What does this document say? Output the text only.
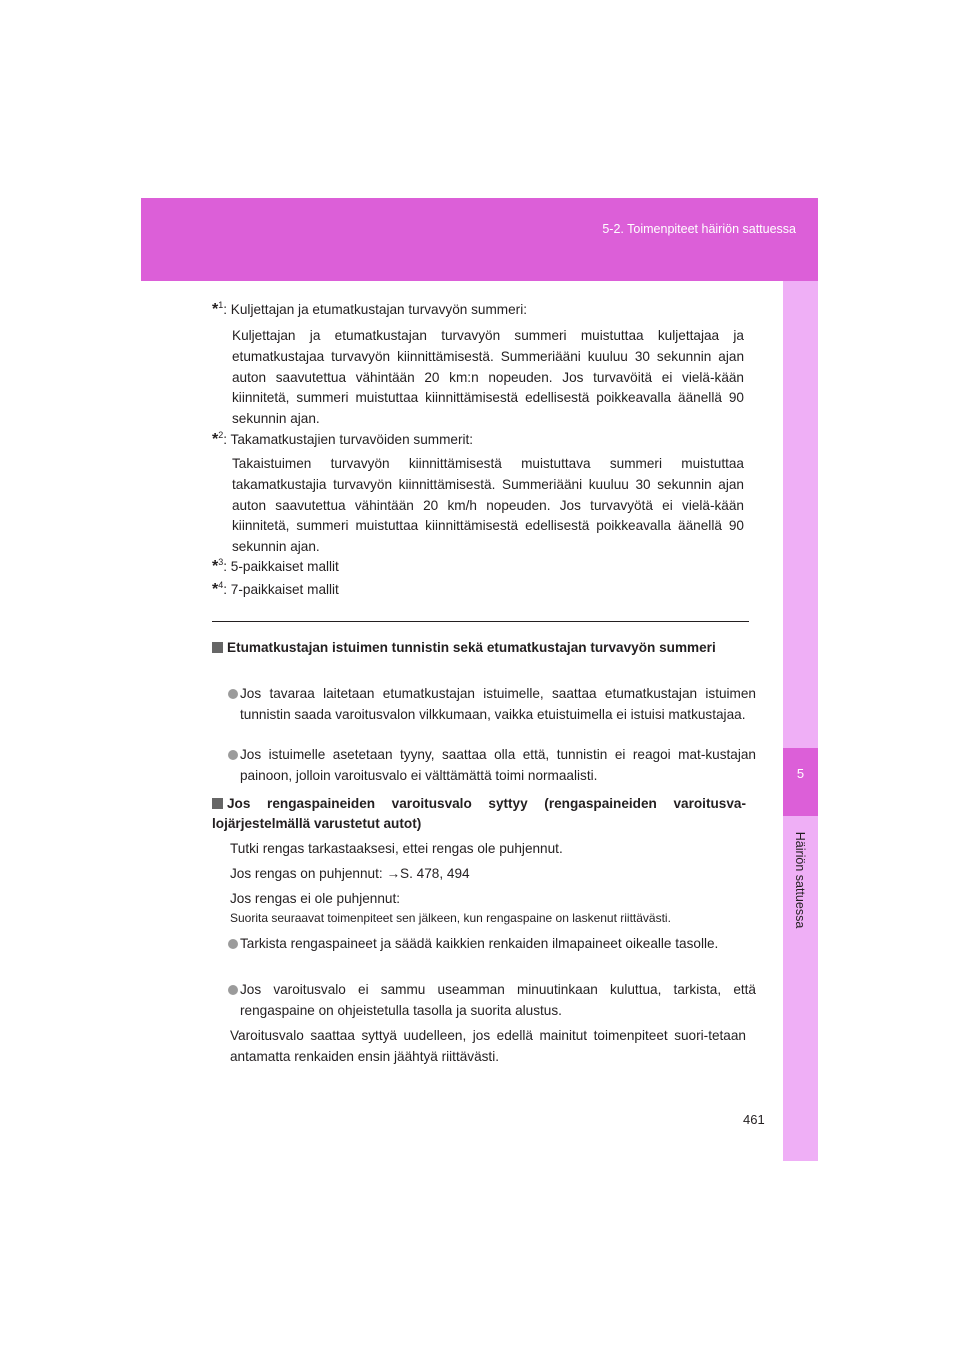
5-2. Toimenpiteet häiriön sattuessa
5
Häiriön sattuessa
*$^1$: Kuljettajan ja etumatkustajan turvavyön summeri:
Kuljettajan ja etumatkustajan turvavyön summeri muistuttaa kuljettajaa ja etumatkustajaa turvavyön kiinnittämisestä. Summeriääni kuuluu 30 sekunnin ajan auton saavutettua vähintään 20 km:n nopeuden. Jos turvavöitä ei vielä-kään kiinnitetä, summeri muistuttaa kiinnittämisestä edellisestä poikkeavalla äänellä 90 sekunnin ajan.
*$^2$: Takamatkustajien turvavöiden summerit:
Takaistuimen turvavyön kiinnittämisestä muistuttava summeri muistuttaa takamatkustajia turvavyön kiinnittämisestä. Summeriääni kuuluu 30 sekunnin ajan auton saavutettua vähintään 20 km/h nopeuden. Jos turvavyötä ei vielä-kään kiinnitetä, summeri muistuttaa kiinnittämisestä edellisestä poikkeavalla äänellä 90 sekunnin ajan.
*$^3$: 5-paikkaiset mallit
*$^4$: 7-paikkaiset mallit
Etumatkustajan istuimen tunnistin sekä etumatkustajan turvavyön summeri
Jos tavaraa laitetaan etumatkustajan istuimelle, saattaa etumatkustajan istuimen tunnistin saada varoitusvalon vilkkumaan, vaikka etuistuimella ei istuisi matkustajaa.
Jos istuimelle asetetaan tyyny, saattaa olla että, tunnistin ei reagoi mat-kustajan painoon, jolloin varoitusvalo ei välttämättä toimi normaalisti.
Jos rengaspaineiden varoitusvalo syttyy (rengaspaineiden varoitusva-lojärjestelmällä varustetut autot)
Tutki rengas tarkastaaksesi, ettei rengas ole puhjennut.
Jos rengas on puhjennut: →S. 478, 494
Jos rengas ei ole puhjennut:
Suorita seuraavat toimenpiteet sen jälkeen, kun rengaspaine on laskenut riittävästi.
Tarkista rengaspaineet ja säädä kaikkien renkaiden ilmapaineet oikealle tasolle.
Jos varoitusvalo ei sammu useamman minuutinkaan kuluttua, tarkista, että rengaspaine on ohjeistetulla tasolla ja suorita alustus.
Varoitusvalo saattaa syttyä uudelleen, jos edellä mainitut toimenpiteet suori-tetaan antamatta renkaiden ensin jäähtyä riittävästi.
461
